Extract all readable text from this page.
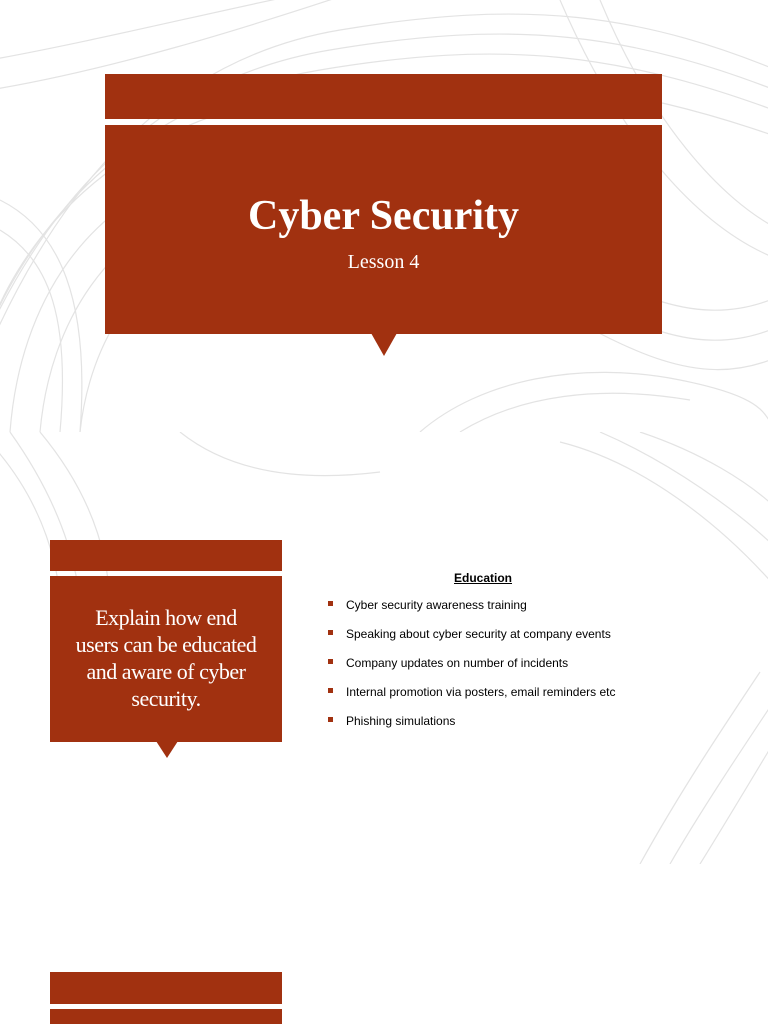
Cyber Security
Lesson 4
Explain how end users can be educated and aware of cyber security.
Education
Cyber security awareness training
Speaking about cyber security at company events
Company updates on number of incidents
Internal promotion via posters, email reminders etc
Phishing simulations
